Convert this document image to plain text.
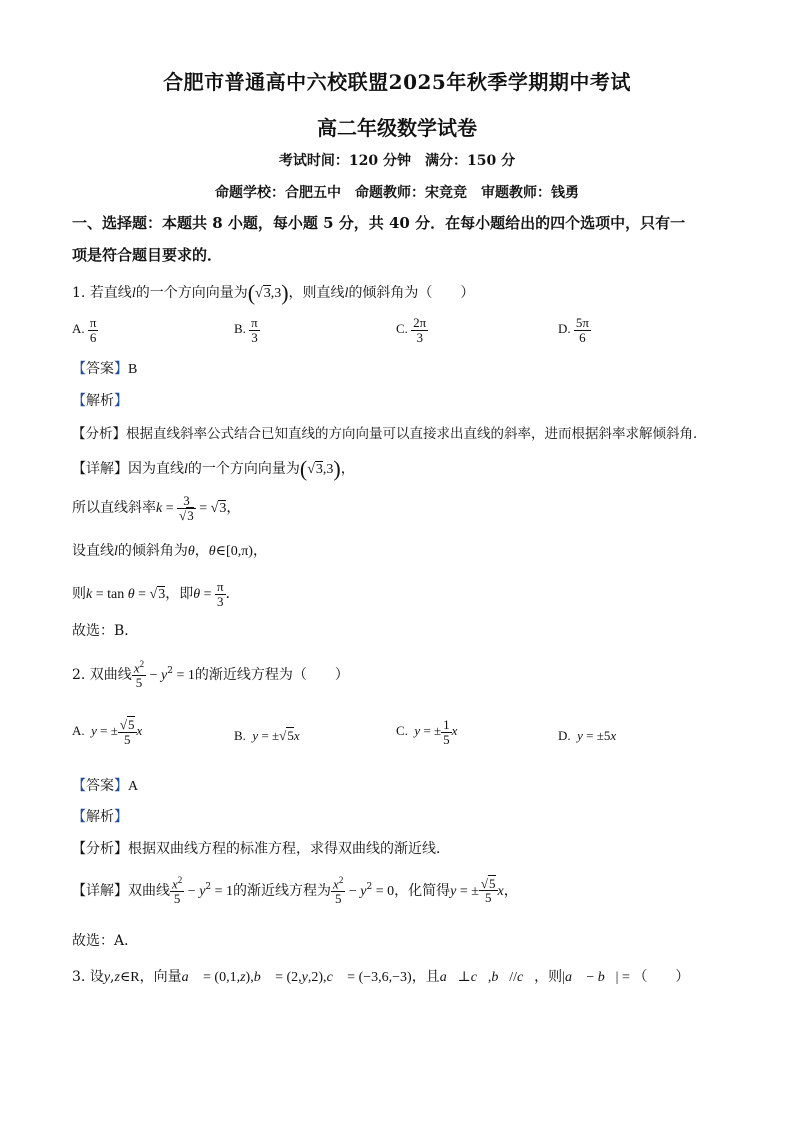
合肥市普通高中六校联盟2025年秋季学期期中考试
高二年级数学试卷
考试时间：120 分钟　满分：150 分
命题学校：合肥五中　命题教师：宋竞竞　审题教师：钱勇
一、选择题：本题共 8 小题，每小题 5 分，共 40 分．在每小题给出的四个选项中，只有一
项是符合题目要求的．
1. 若直线l的一个方向向量为(√3,3)，则直线l的倾斜角为（　　）
A. $\frac{\pi}{6}$	B. $\frac{\pi}{3}$	C. $\frac{2\pi}{3}$	D. $\frac{5\pi}{6}$
【答案】B
【解析】
【分析】根据直线斜率公式结合已知直线的方向向量可以直接求出直线的斜率，进而根据斜率求解倾斜角．
【详解】因为直线l的一个方向向量为(√3,3)，
所以直线斜率$k = \frac{3}{√3} = √3$，
设直线l的倾斜角为θ，θ∈[0,π)，
则k = tan θ = √3，即$\theta = \frac{\pi}{3}$ ．
故选：B．
2. 双曲线 $\frac{x^2}{5} - y^2 = 1$的渐近线方程为（　　）
A. y = ± $\frac{√5}{5}$ x	B. y = ±√5x	C. y = ± $\frac{1}{5}$ x	D. y = ±5x
【答案】A
【解析】
【分析】根据双曲线方程的标准方程，求得双曲线的渐近线．
【详解】双曲线 $\frac{x^2}{5} - y^2 = 1$的渐近线方程为 $\frac{x^2}{5} - y^2 = 0$，化简得y = ± $\frac{√5}{5}$ x，
故选：A．
3. 设y,z∈R，向量a⃗ = (0,1,z),b⃗ = (2,y,2),c⃗ = (−3,6,−3)，且a⃗⊥c⃗,b⃗//c⃗，则|a⃗ − b⃗| = （　　）
